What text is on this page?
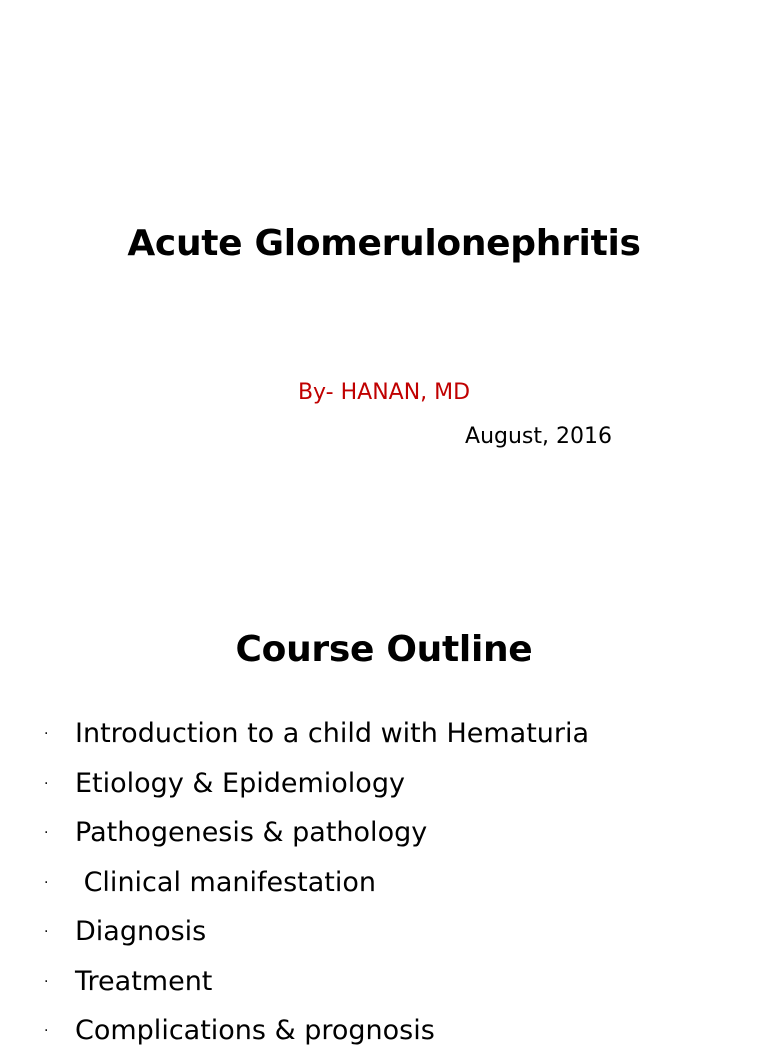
Acute Glomerulonephritis
By- HANAN, MD
August, 2016
Course Outline
· Introduction to a child with Hematuria
· Etiology & Epidemiology
· Pathogenesis & pathology
· Clinical manifestation
· Diagnosis
· Treatment
· Complications & prognosis
